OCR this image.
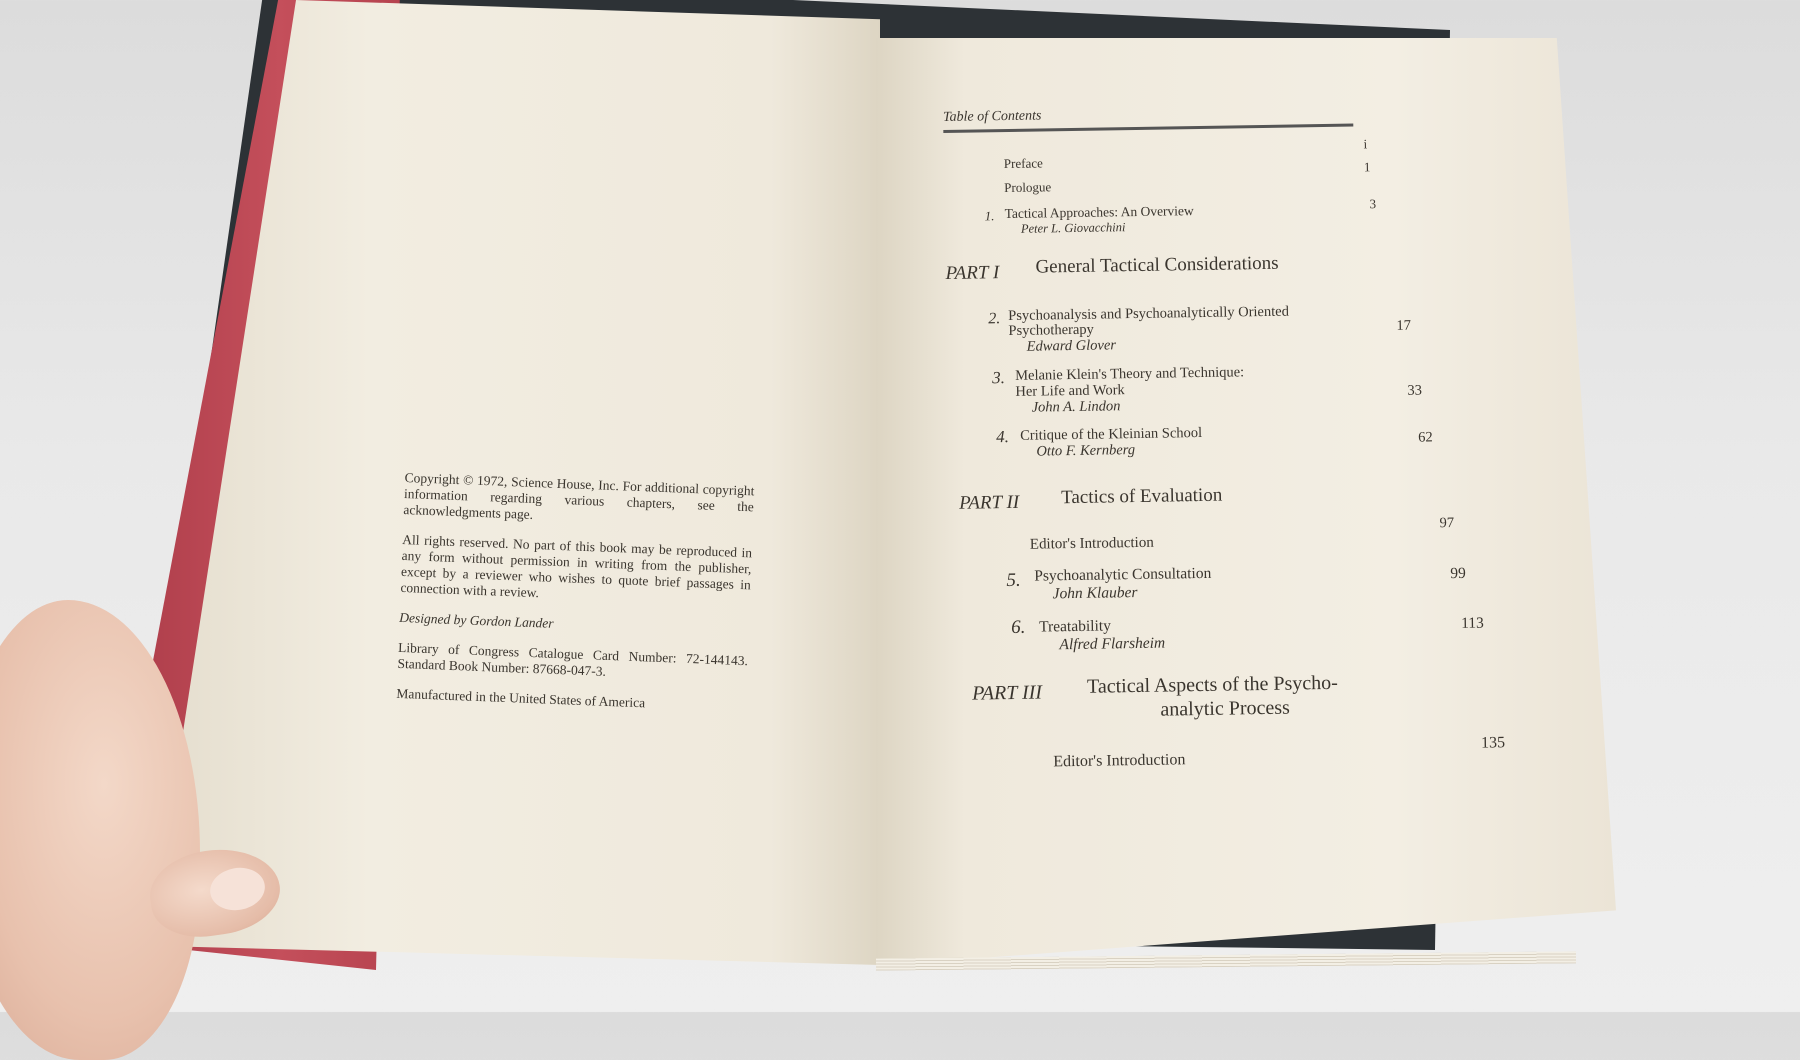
Copyright © 1972, Science House, Inc. For additional copyright information regarding various chapters, see the acknowledgments page.

All rights reserved. No part of this book may be reproduced in any form without permission in writing from the publisher, except by a reviewer who wishes to quote brief passages in connection with a review.

Designed by Gordon Lander

Library of Congress Catalogue Card Number: 72-144143. Standard Book Number: 87668-047-3.

Manufactured in the United States of America

Table of Contents
Preface
i
Prologue
1
1. Tactical Approaches: An Overview
Peter L. Giovacchini
3
PART I General Tactical Considerations
2. Psychoanalysis and Psychoanalytically Oriented
Psychotherapy
Edward Glover
17
3. Melanie Klein's Theory and Technique:
Her Life and Work
John A. Lindon
33
4. Critique of the Kleinian School
Otto F. Kernberg
62
PART II Tactics of Evaluation
Editor's Introduction
97
5. Psychoanalytic Consultation
John Klauber
99
6. Treatability
Alfred Flarsheim
113
PART III Tactical Aspects of the Psycho-
analytic Process
Editor's Introduction
135
